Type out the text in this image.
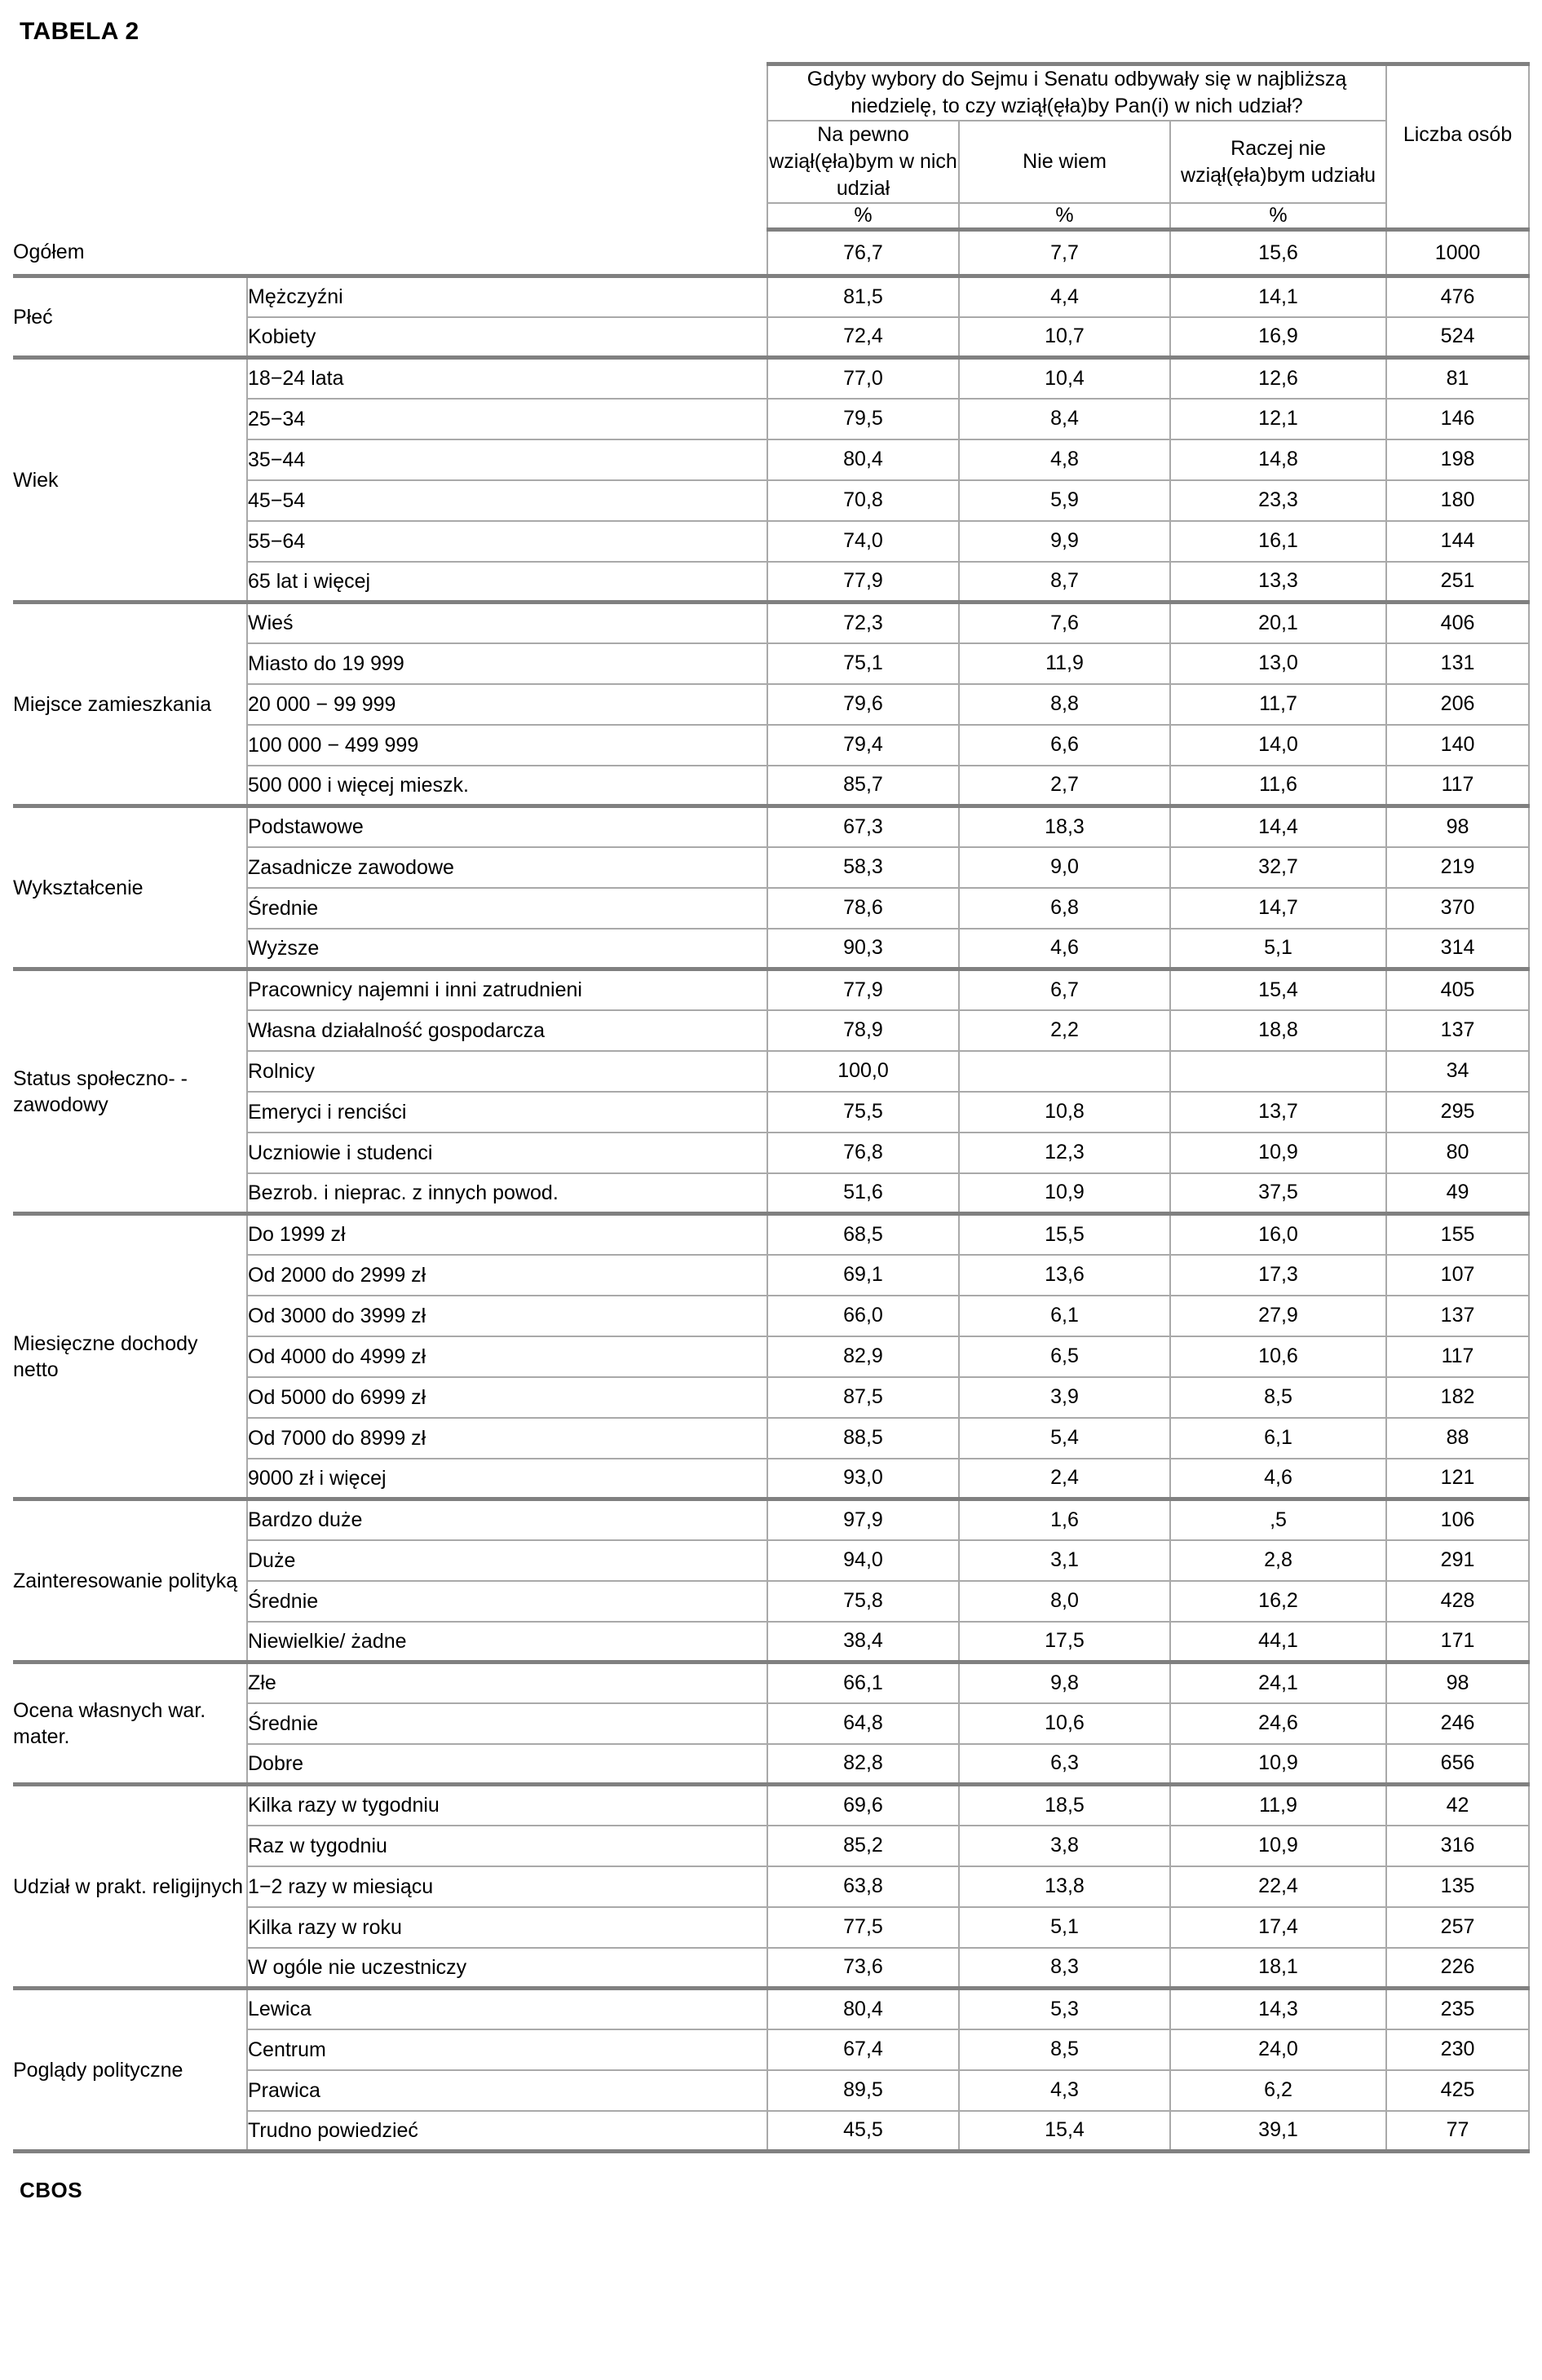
TABELA 2
		Gdyby wybory do Sejmu i Senatu odbywały się w najbliższą niedzielę, to czy wziął(ęła)by Pan(i) w nich udział?			Liczba osób
		Na pewno wziął(ęła)bym w nich udział	Nie wiem	Raczej nie wziął(ęła)bym udziału	
		%	%	%	
Ogółem		76,7	7,7	15,6	1000
Płeć	Mężczyźni	81,5	4,4	14,1	476
	Kobiety	72,4	10,7	16,9	524
Wiek	18−24 lata	77,0	10,4	12,6	81
	25−34	79,5	8,4	12,1	146
	35−44	80,4	4,8	14,8	198
	45−54	70,8	5,9	23,3	180
	55−64	74,0	9,9	16,1	144
	65 lat i więcej	77,9	8,7	13,3	251
Miejsce zamieszkania	Wieś	72,3	7,6	20,1	406
	Miasto do 19 999	75,1	11,9	13,0	131
	20 000 − 99 999	79,6	8,8	11,7	206
	100 000 − 499 999	79,4	6,6	14,0	140
	500 000 i więcej mieszk.	85,7	2,7	11,6	117
Wykształcenie	Podstawowe	67,3	18,3	14,4	98
	Zasadnicze zawodowe	58,3	9,0	32,7	219
	Średnie	78,6	6,8	14,7	370
	Wyższe	90,3	4,6	5,1	314
Status społeczno- -zawodowy	Pracownicy najemni i inni zatrudnieni	77,9	6,7	15,4	405
	Własna działalność gospodarcza	78,9	2,2	18,8	137
	Rolnicy	100,0			34
	Emeryci i renciści	75,5	10,8	13,7	295
	Uczniowie i studenci	76,8	12,3	10,9	80
	Bezrob. i nieprac. z innych powod.	51,6	10,9	37,5	49
Miesięczne dochody netto	Do 1999 zł	68,5	15,5	16,0	155
	Od 2000 do 2999 zł	69,1	13,6	17,3	107
	Od 3000 do 3999 zł	66,0	6,1	27,9	137
	Od 4000 do 4999 zł	82,9	6,5	10,6	117
	Od 5000 do 6999 zł	87,5	3,9	8,5	182
	Od 7000 do 8999 zł	88,5	5,4	6,1	88
	9000 zł i więcej	93,0	2,4	4,6	121
Zainteresowanie polityką	Bardzo duże	97,9	1,6	,5	106
	Duże	94,0	3,1	2,8	291
	Średnie	75,8	8,0	16,2	428
	Niewielkie/ żadne	38,4	17,5	44,1	171
Ocena własnych war. mater.	Złe	66,1	9,8	24,1	98
	Średnie	64,8	10,6	24,6	246
	Dobre	82,8	6,3	10,9	656
Udział w prakt. religijnych	Kilka razy w tygodniu	69,6	18,5	11,9	42
	Raz w tygodniu	85,2	3,8	10,9	316
	1−2 razy w miesiącu	63,8	13,8	22,4	135
	Kilka razy w roku	77,5	5,1	17,4	257
	W ogóle nie uczestniczy	73,6	8,3	18,1	226
Poglądy polityczne	Lewica	80,4	5,3	14,3	235
	Centrum	67,4	8,5	24,0	230
	Prawica	89,5	4,3	6,2	425
	Trudno powiedzieć	45,5	15,4	39,1	77
CBOS
